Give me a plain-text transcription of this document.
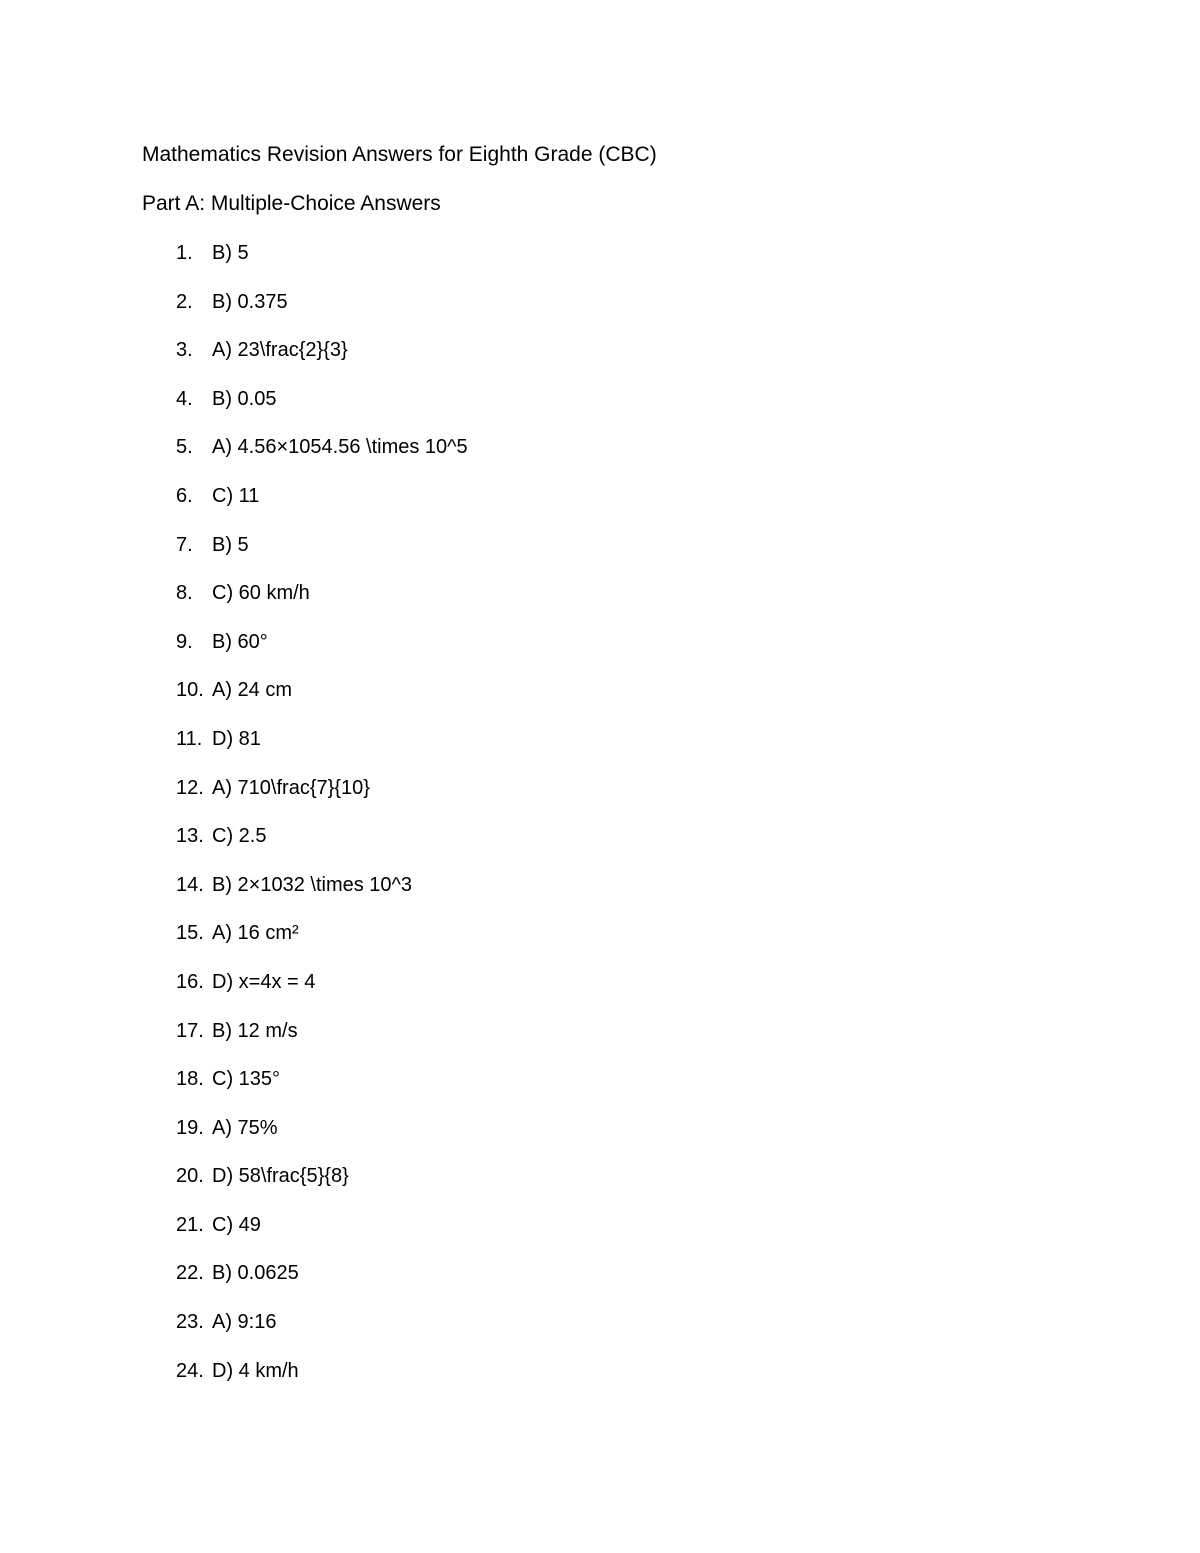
Mathematics Revision Answers for Eighth Grade (CBC)
Part A: Multiple-Choice Answers
1. B) 5
2. B) 0.375
3. A) 23\frac{2}{3}
4. B) 0.05
5. A) 4.56×1054.56 \times 10^5
6. C) 11
7. B) 5
8. C) 60 km/h
9. B) 60°
10. A) 24 cm
11. D) 81
12. A) 710\frac{7}{10}
13. C) 2.5
14. B) 2×1032 \times 10^3
15. A) 16 cm²
16. D) x=4x = 4
17. B) 12 m/s
18. C) 135°
19. A) 75%
20. D) 58\frac{5}{8}
21. C) 49
22. B) 0.0625
23. A) 9:16
24. D) 4 km/h
